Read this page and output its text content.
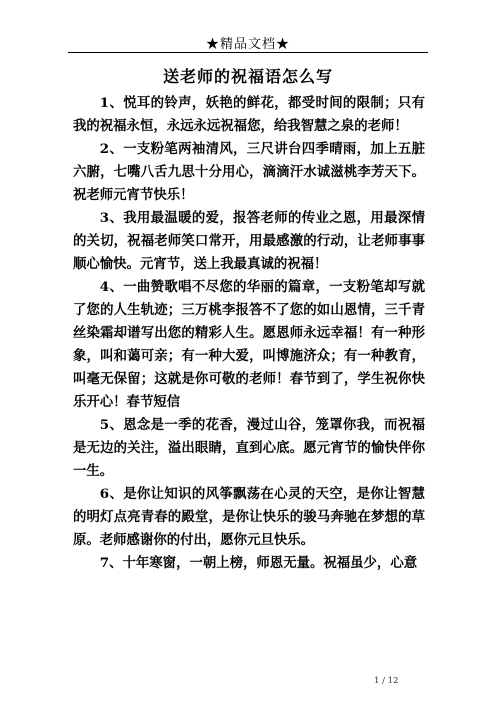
★精品文档★
送老师的祝福语怎么写

1、悦耳的铃声，妖艳的鲜花，都受时间的限制；只有我的祝福永恒，永远永远祝福您，给我智慧之泉的老师！

2、一支粉笔两袖清风，三尺讲台四季晴雨，加上五脏六腑，七嘴八舌九思十分用心，滴滴汗水诚滋桃李芳天下。祝老师元宵节快乐！

3、我用最温暖的爱，报答老师的传业之恩，用最深情的关切，祝福老师笑口常开，用最感激的行动，让老师事事顺心愉快。元宵节，送上我最真诚的祝福！

4、一曲赞歌唱不尽您的华丽的篇章，一支粉笔却写就了您的人生轨迹；三万桃李报答不了您的如山恩情，三千青丝染霜却谱写出您的精彩人生。愿恩师永远幸福！有一种形象，叫和蔼可亲；有一种大爱，叫博施济众；有一种教育，叫毫无保留；这就是你可敬的老师！春节到了，学生祝你快乐开心！春节短信

5、恩念是一季的花香，漫过山谷，笼罩你我，而祝福是无边的关注，溢出眼睛，直到心底。愿元宵节的愉快伴你一生。

6、是你让知识的风筝飘荡在心灵的天空，是你让智慧的明灯点亮青春的殿堂，是你让快乐的骏马奔驰在梦想的草原。老师感谢你的付出，愿你元旦快乐。

7、十年寒窗，一朝上榜，师恩无量。祝福虽少，心意

1 / 12
